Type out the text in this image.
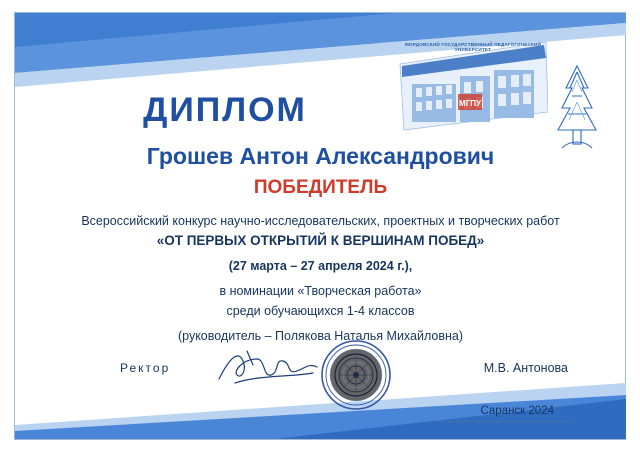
МГПУ
МОРДОВСКИЙ ГОСУДАРСТВЕННЫЙ ПЕДАГОГИЧЕСКИЙ УНИВЕРСИТЕТ
ДИПЛОМ
Грошев Антон Александрович
ПОБЕДИТЕЛЬ
Всероссийский конкурс научно-исследовательских, проектных и творческих работ
«ОТ ПЕРВЫХ ОТКРЫТИЙ К ВЕРШИНАМ ПОБЕД»
(27 марта – 27 апреля 2024 г.),
в номинации «Творческая работа»
среди обучающихся 1-4 классов
(руководитель – Полякова Наталья Михайловна)
Ректор	М.В. Антонова
Саранск 2024
